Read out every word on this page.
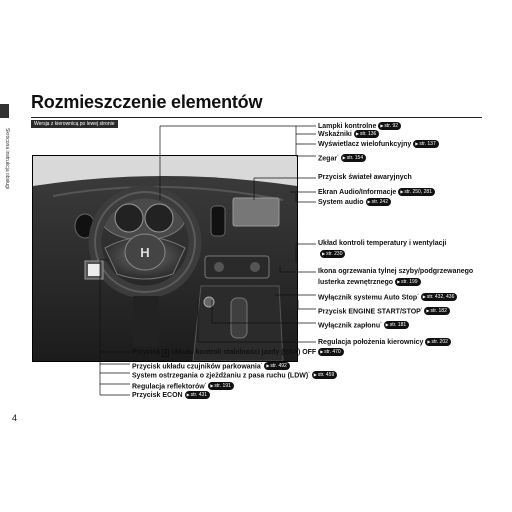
Skrócona instrukcja obsługi
Rozmieszczenie elementów
Wersja z kierownicą po lewej stronie
H
Lampki kontrolne ▶ str. 92
Wskaźniki ▶ str. 136
Wyświetlacz wielofunkcyjny ▶ str. 137
Zegar* ▶ str. 154
Przycisk świateł awaryjnych
Ekran Audio/Informacje ▶ str. 250, 281
System audio ▶ str. 242
Układ kontroli temperatury i wentylacji
▶ str. 230
Ikona ogrzewania tylnej szyby/podgrzewanego
lusterka zewnętrznego ▶ str. 199
Wyłącznik systemu Auto Stop* ▶ str. 432, 436
Przycisk ENGINE START/STOP* ▶ str. 182
Wyłącznik zapłonu* ▶ str. 181
Regulacja położenia kierownicy ▶ str. 202
Przycisk ▮ układu kontroli stabilności jazdy (VSA) OFF ▶ str. 470
Przycisk układu czujników parkowania* ▶ str. 492
System ostrzegania o zjeżdżaniu z pasa ruchu (LDW)* ▶ str. 459
Regulacja reflektorów* ▶ str. 191
Przycisk ECON ▶ str. 431
4
